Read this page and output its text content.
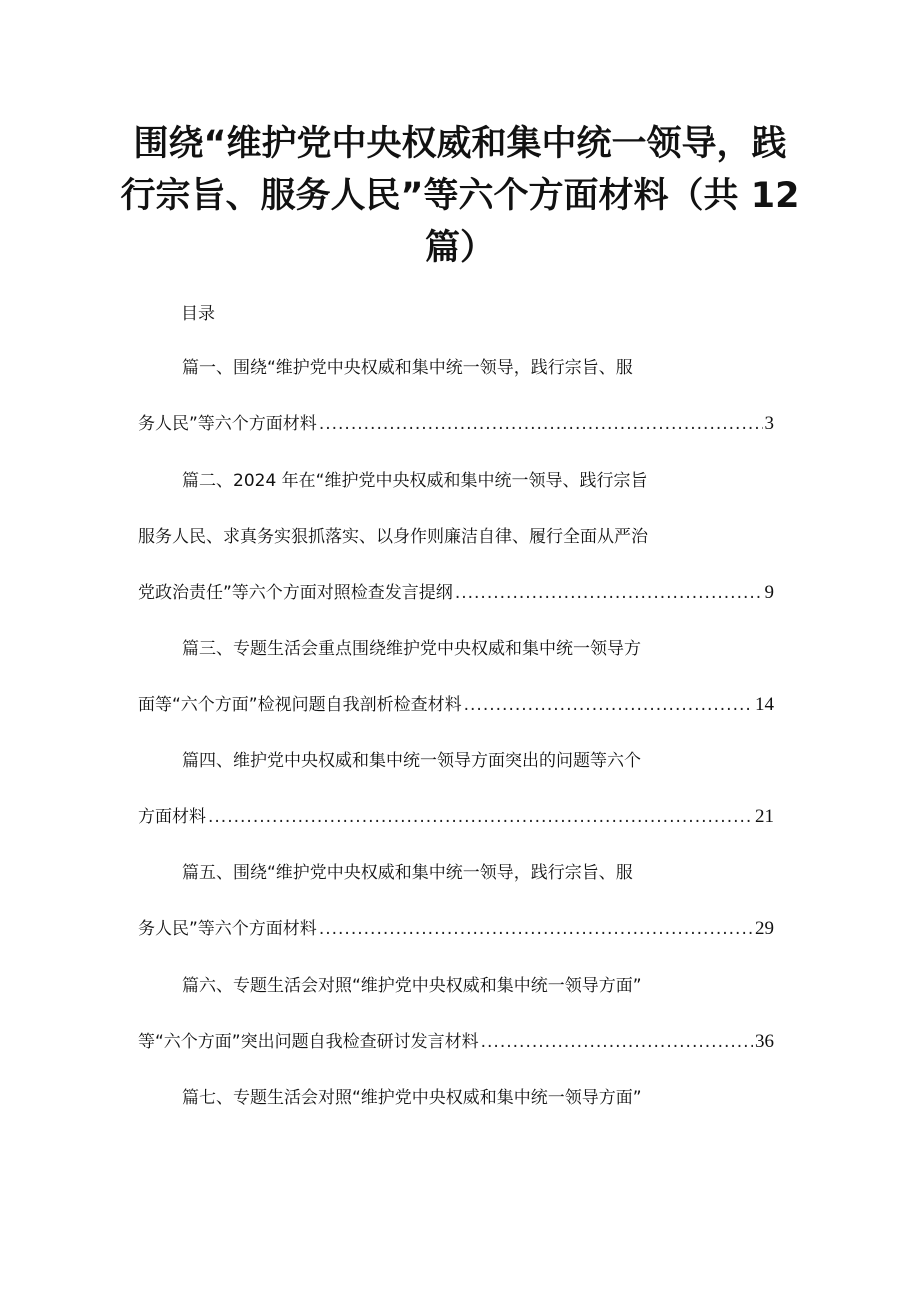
围绕“维护党中央权威和集中统一领导，践
行宗旨、服务人民”等六个方面材料（共 12
篇）
目录
篇一、围绕“维护党中央权威和集中统一领导，践行宗旨、服
务人民”等六个方面材料 .....	3
篇二、2024 年在“维护党中央权威和集中统一领导、践行宗旨
服务人民、求真务实狠抓落实、以身作则廉洁自律、履行全面从严治
党政治责任”等六个方面对照检查发言提纲 .....	9
篇三、专题生活会重点围绕维护党中央权威和集中统一领导方
面等“六个方面”检视问题自我剖析检查材料 .....	14
篇四、维护党中央权威和集中统一领导方面突出的问题等六个
方面材料 .....	21
篇五、围绕“维护党中央权威和集中统一领导，践行宗旨、服
务人民”等六个方面材料 .....	29
篇六、专题生活会对照“维护党中央权威和集中统一领导方面”
等“六个方面”突出问题自我检查研讨发言材料 .....	36
篇七、专题生活会对照“维护党中央权威和集中统一领导方面”
